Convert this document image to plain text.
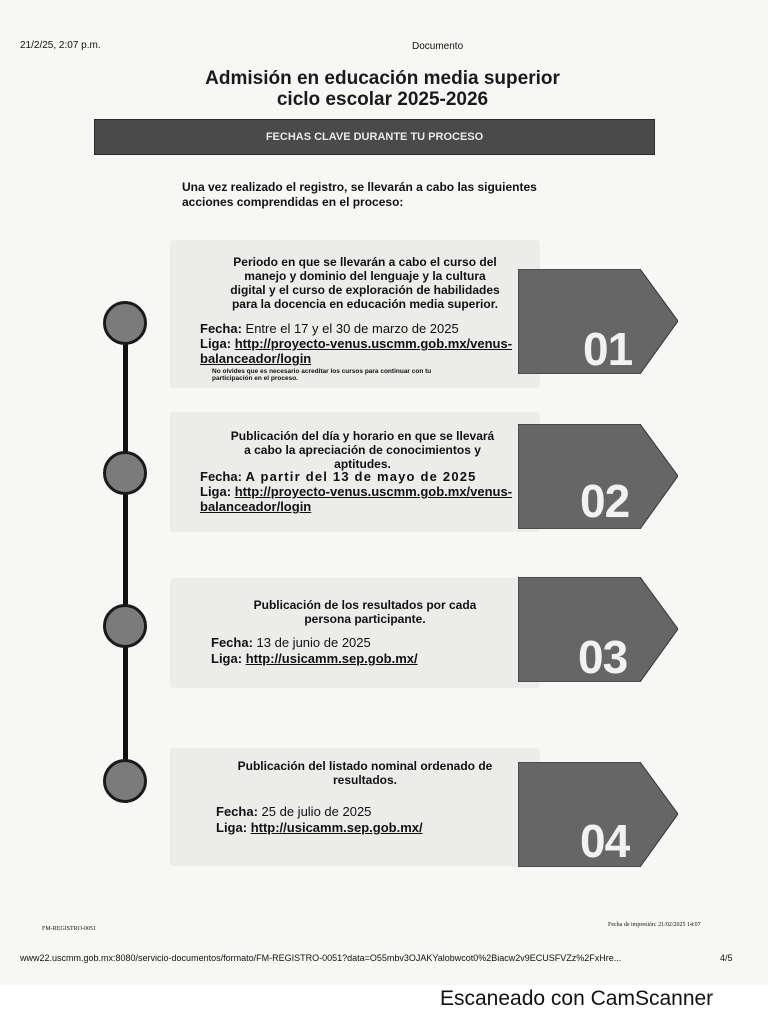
21/2/25, 2:07 p.m.	Documento
Admisión en educación media superior
ciclo escolar 2025-2026
FECHAS CLAVE DURANTE TU PROCESO
Una vez realizado el registro, se llevarán a cabo las siguientes
acciones comprendidas en el proceso:
01
02
03
04
Periodo en que se llevarán a cabo el curso del
manejo y dominio del lenguaje y la cultura
digital y el curso de exploración de habilidades
para la docencia en educación media superior.
Fecha: Entre el 17 y el 30 de marzo de 2025
Liga: http://proyecto-venus.uscmm.gob.mx/venus-
balanceador/login
No olvides que es necesario acreditar los cursos para continuar con tu
participación en el proceso.
Publicación del día y horario en que se llevará
a cabo la apreciación de conocimientos y
aptitudes.
Fecha: A partir del 13 de mayo de 2025
Liga: http://proyecto-venus.uscmm.gob.mx/venus-
balanceador/login
Publicación de los resultados por cada
persona participante.
Fecha: 13 de junio de 2025
Liga: http://usicamm.sep.gob.mx/
Publicación del listado nominal ordenado de
resultados.
Fecha: 25 de julio de 2025
Liga: http://usicamm.sep.gob.mx/
FM-REGISTRO-0051
Fecha de impresión: 21/02/2025 14:07
www22.uscmm.gob.mx:8080/servicio-documentos/formato/FM-REGISTRO-0051?data=O55mbv3OJAKYalobwcot0%2Biacw2v9ECUSFVZz%2FxHre...	4/5
Escaneado con CamScanner
